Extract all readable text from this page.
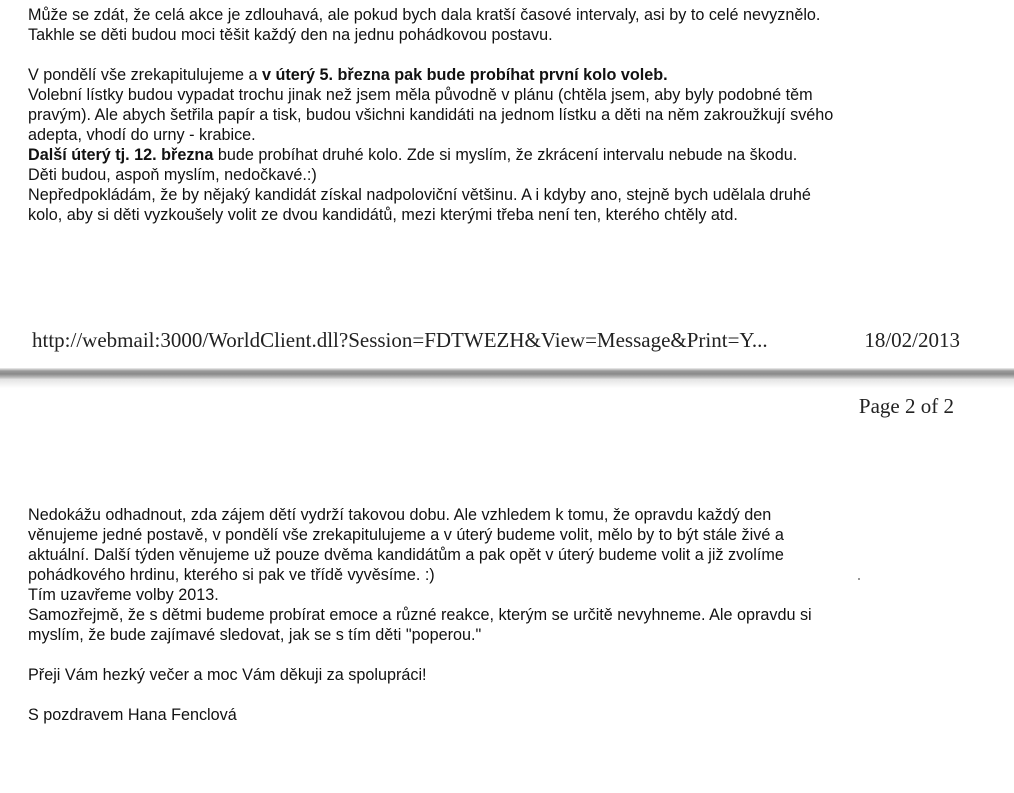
Může se zdát, že celá akce je zdlouhavá, ale pokud bych dala kratší časové intervaly, asi by to celé nevyznělo.
Takhle se děti budou moci těšit každý den na jednu pohádkovou postavu.
V pondělí vše zrekapitulujeme a v úterý 5. března pak bude probíhat první kolo voleb.
Volební lístky budou vypadat trochu jinak než jsem měla původně v plánu (chtěla jsem, aby byly podobné těm
pravým). Ale abych šetřila papír a tisk, budou všichni kandidáti na jednom lístku a děti na něm zakroužkují svého
adepta, vhodí do urny - krabice.
Další úterý tj. 12. března bude probíhat druhé kolo. Zde si myslím, že zkrácení intervalu nebude na škodu.
Děti budou, aspoň myslím, nedočkavé.:)
Nepředpokládám, že by nějaký kandidát získal nadpoloviční většinu. A i kdyby ano, stejně bych udělala druhé
kolo, aby si děti vyzkoušely volit ze dvou kandidátů, mezi kterými třeba není ten, kterého chtěly atd.
http://webmail:3000/WorldClient.dll?Session=FDTWEZH&View=Message&Print=Y...	18/02/2013
Page 2 of 2
Nedokážu odhadnout, zda zájem dětí vydrží takovou dobu. Ale vzhledem k tomu, že opravdu každý den
věnujeme jedné postavě, v pondělí vše zrekapitulujeme a v úterý budeme volit, mělo by to být stále živé a
aktuální. Další týden věnujeme už pouze dvěma kandidátům a pak opět v úterý budeme volit a již zvolíme
pohádkového hrdinu, kterého si pak ve třídě vyvěsíme. :)
Tím uzavřeme volby 2013.
Samozřejmě, že s dětmi budeme probírat emoce a různé reakce, kterým se určitě nevyhneme. Ale opravdu si
myslím, že bude zajímavé sledovat, jak se s tím děti "poperou."
Přeji Vám hezký večer a moc Vám děkuji za spolupráci!
S pozdravem Hana Fenclová
